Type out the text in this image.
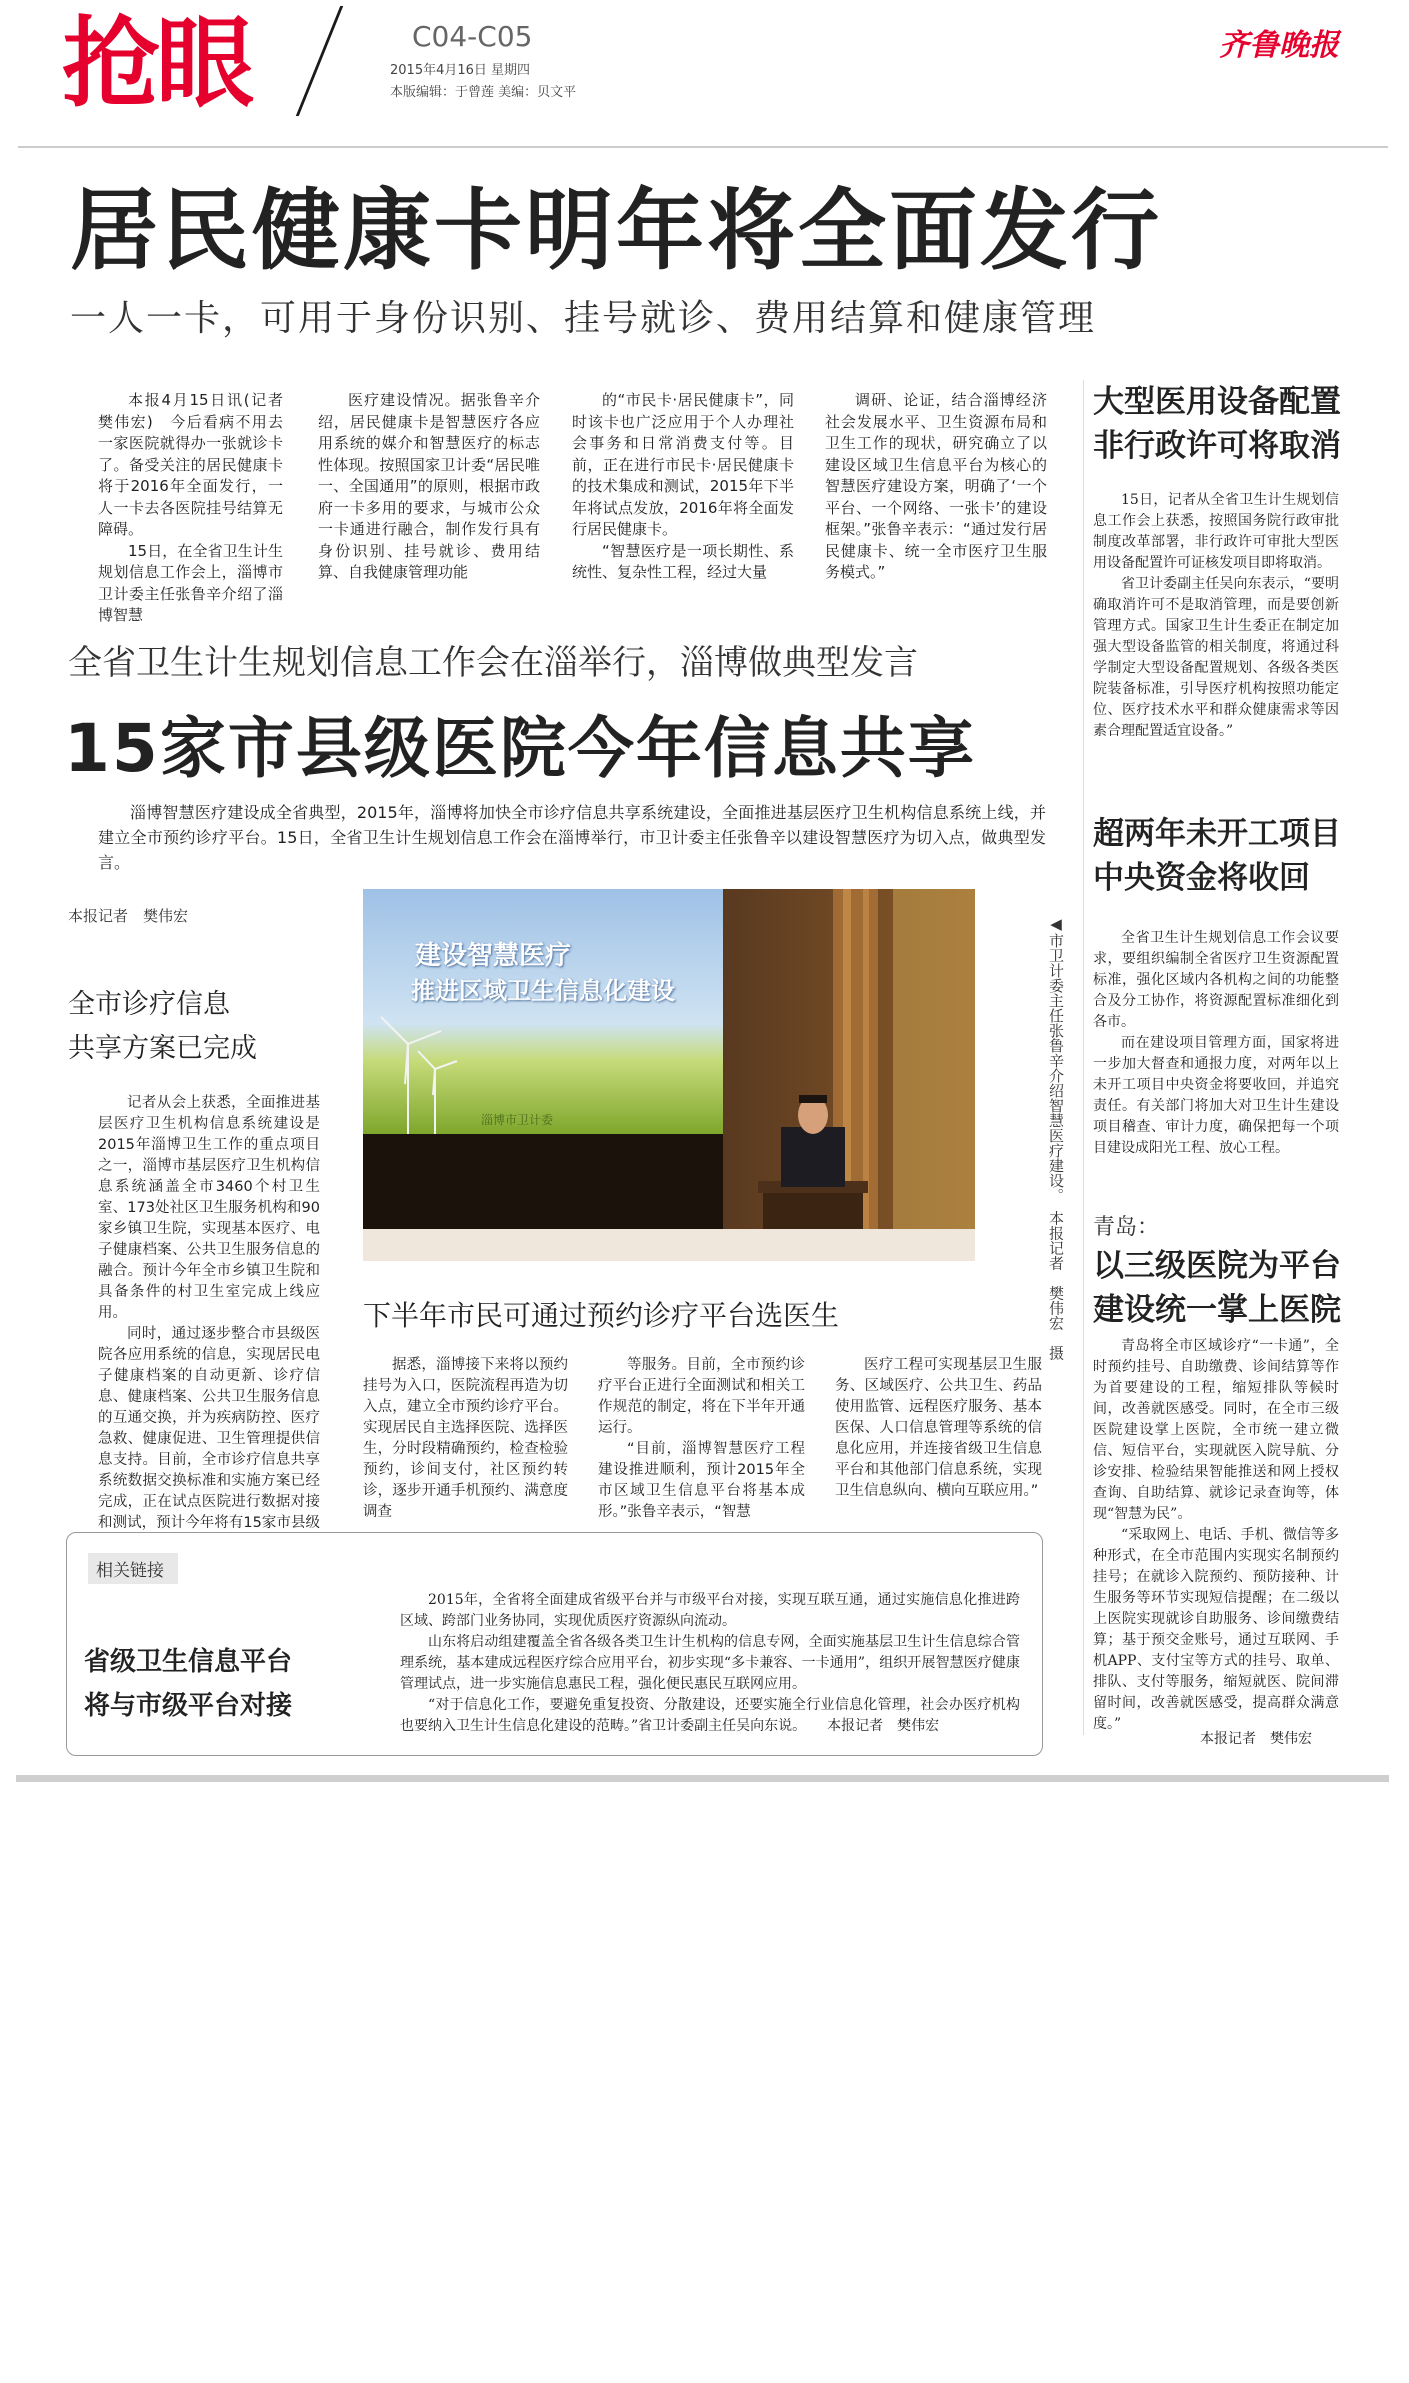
抢眼	C04-C05
2015年4月16日 星期四
本版编辑：于曾莲 美编：贝文平
齐鲁晚报
居民健康卡明年将全面发行
一人一卡，可用于身份识别、挂号就诊、费用结算和健康管理

本报4月15日讯(记者　樊伟宏)　今后看病不用去一家医院就得办一张就诊卡了。备受关注的居民健康卡将于2016年全面发行，一人一卡去各医院挂号结算无障碍。

15日，在全省卫生计生规划信息工作会上，淄博市卫计委主任张鲁辛介绍了淄博智慧

医疗建设情况。据张鲁辛介绍，居民健康卡是智慧医疗各应用系统的媒介和智慧医疗的标志性体现。按照国家卫计委“居民唯一、全国通用”的原则，根据市政府一卡多用的要求，与城市公众一卡通进行融合，制作发行具有身份识别、挂号就诊、费用结算、自我健康管理功能

的“市民卡·居民健康卡”，同时该卡也广泛应用于个人办理社会事务和日常消费支付等。目前，正在进行市民卡·居民健康卡的技术集成和测试，2015年下半年将试点发放，2016年将全面发行居民健康卡。

“智慧医疗是一项长期性、系统性、复杂性工程，经过大量

调研、论证，结合淄博经济社会发展水平、卫生资源布局和卫生工作的现状，研究确立了以建设区域卫生信息平台为核心的智慧医疗建设方案，明确了‘一个平台、一个网络、一张卡’的建设框架。”张鲁辛表示：“通过发行居民健康卡、统一全市医疗卫生服务模式。”

全省卫生计生规划信息工作会在淄举行，淄博做典型发言
15家市县级医院今年信息共享

淄博智慧医疗建设成全省典型，2015年，淄博将加快全市诊疗信息共享系统建设，全面推进基层医疗卫生机构信息系统上线，并建立全市预约诊疗平台。15日，全省卫生计生规划信息工作会在淄博举行，市卫计委主任张鲁辛以建设智慧医疗为切入点，做典型发言。

本报记者　樊伟宏
全市诊疗信息
共享方案已完成

记者从会上获悉，全面推进基层医疗卫生机构信息系统建设是2015年淄博卫生工作的重点项目之一，淄博市基层医疗卫生机构信息系统涵盖全市3460个村卫生室、173处社区卫生服务机构和90家乡镇卫生院，实现基本医疗、电子健康档案、公共卫生服务信息的融合。预计今年全市乡镇卫生院和具备条件的村卫生室完成上线应用。

同时，通过逐步整合市县级医院各应用系统的信息，实现居民电子健康档案的自动更新、诊疗信息、健康档案、公共卫生服务信息的互通交换，并为疾病防控、医疗急救、健康促进、卫生管理提供信息支持。目前，全市诊疗信息共享系统数据交换标准和实施方案已经完成，正在试点医院进行数据对接和测试，预计今年将有15家市县级

建设智慧医疗
推进区域卫生信息化建设
淄博市卫计委	◀市卫计委主任张鲁辛介绍智慧医疗建设。　本报记者　樊伟宏　摄
下半年市民可通过预约诊疗平台选医生

据悉，淄博接下来将以预约挂号为入口，医院流程再造为切入点，建立全市预约诊疗平台。实现居民自主选择医院、选择医生，分时段精确预约，检查检验预约，诊间支付，社区预约转诊，逐步开通手机预约、满意度调查

等服务。目前，全市预约诊疗平台正进行全面测试和相关工作规范的制定，将在下半年开通运行。

“目前，淄博智慧医疗工程建设推进顺利，预计2015年全市区域卫生信息平台将基本成形。”张鲁辛表示，“智慧

医疗工程可实现基层卫生服务、区域医疗、公共卫生、药品使用监管、远程医疗服务、基本医保、人口信息管理等系统的信息化应用，并连接省级卫生信息平台和其他部门信息系统，实现卫生信息纵向、横向互联应用。”

大型医用设备配置
非行政许可将取消

15日，记者从全省卫生计生规划信息工作会上获悉，按照国务院行政审批制度改革部署，非行政许可审批大型医用设备配置许可证核发项目即将取消。

省卫计委副主任吴向东表示，“要明确取消许可不是取消管理，而是要创新管理方式。国家卫生计生委正在制定加强大型设备监管的相关制度，将通过科学制定大型设备配置规划、各级各类医院装备标准，引导医疗机构按照功能定位、医疗技术水平和群众健康需求等因素合理配置适宜设备。”

超两年未开工项目
中央资金将收回

全省卫生计生规划信息工作会议要求，要组织编制全省医疗卫生资源配置标准，强化区域内各机构之间的功能整合及分工协作，将资源配置标准细化到各市。

而在建设项目管理方面，国家将进一步加大督查和通报力度，对两年以上未开工项目中央资金将要收回，并追究责任。有关部门将加大对卫生计生建设项目稽查、审计力度，确保把每一个项目建设成阳光工程、放心工程。

青岛：
以三级医院为平台
建设统一掌上医院

青岛将全市区域诊疗“一卡通”，全时预约挂号、自助缴费、诊间结算等作为首要建设的工程，缩短排队等候时间，改善就医感受。同时，在全市三级医院建设掌上医院，全市统一建立微信、短信平台，实现就医入院导航、分诊安排、检验结果智能推送和网上授权查询、自助结算、就诊记录查询等，体现“智慧为民”。

“采取网上、电话、手机、微信等多种形式，在全市范围内实现实名制预约挂号；在就诊入院预约、预防接种、计生服务等环节实现短信提醒；在二级以上医院实现就诊自助服务、诊间缴费结算；基于预交金账号，通过互联网、手机APP、支付宝等方式的挂号、取单、排队、支付等服务，缩短就医、院间滞留时间，改善就医感受，提高群众满意度。”

本报记者　樊伟宏
相关链接
省级卫生信息平台
将与市级平台对接

2015年，全省将全面建成省级平台并与市级平台对接，实现互联互通，通过实施信息化推进跨区域、跨部门业务协同，实现优质医疗资源纵向流动。

山东将启动组建覆盖全省各级各类卫生计生机构的信息专网，全面实施基层卫生计生信息综合管理系统，基本建成远程医疗综合应用平台，初步实现“多卡兼容、一卡通用”，组织开展智慧医疗健康管理试点，进一步实施信息惠民工程，强化便民惠民互联网应用。

“对于信息化工作，要避免重复投资、分散建设，还要实施全行业信息化管理，社会办医疗机构也要纳入卫生计生信息化建设的范畴。”省卫计委副主任吴向东说。　　本报记者　樊伟宏
